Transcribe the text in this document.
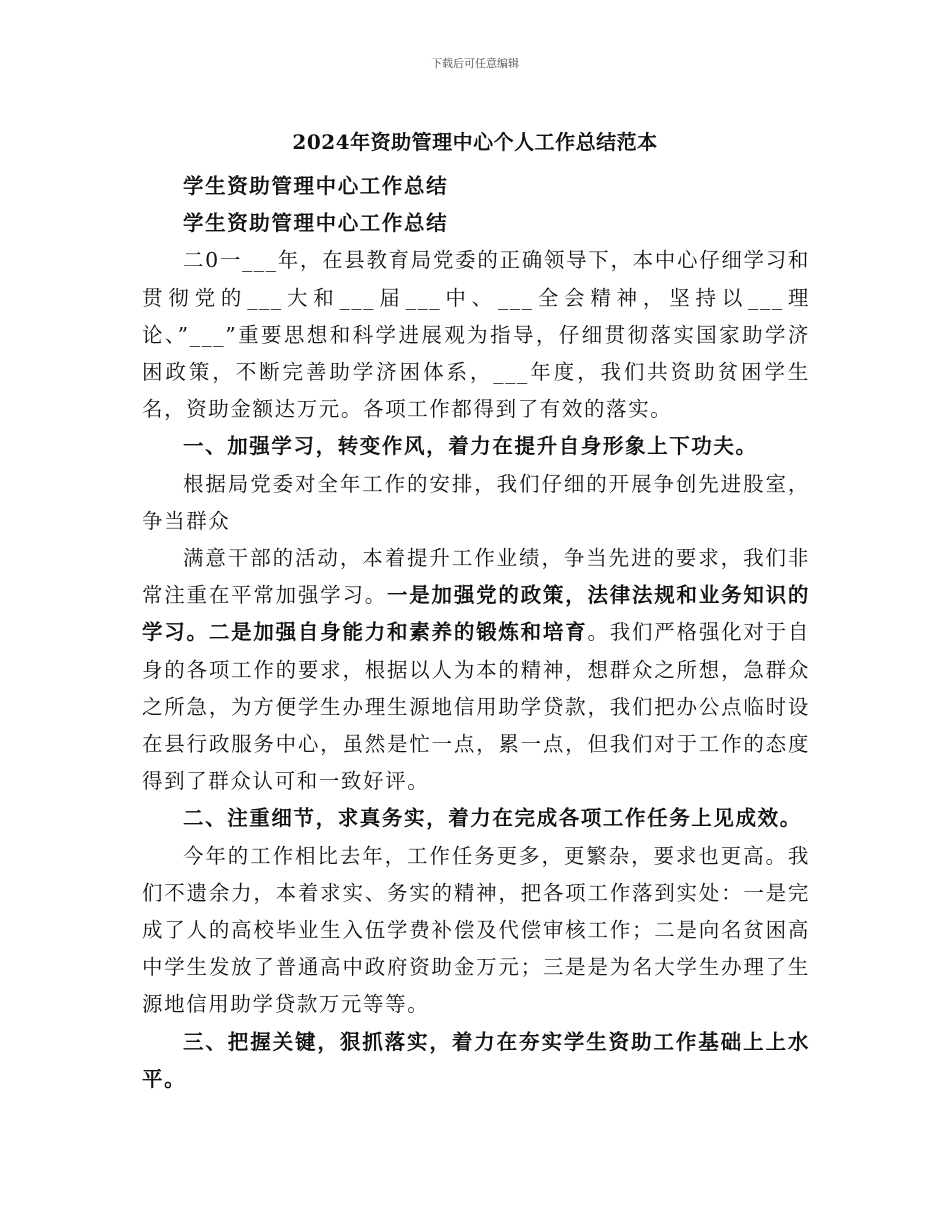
下载后可任意编辑
2024年资助管理中心个人工作总结范本

学生资助管理中心工作总结

学生资助管理中心工作总结

二0一___年，在县教育局党委的正确领导下，本中心仔细学习和贯彻党的___大和___届___中、___全会精神，坚持以___理论、”___”重要思想和科学进展观为指导，仔细贯彻落实国家助学济困政策，不断完善助学济困体系，___年度，我们共资助贫困学生名，资助金额达万元。各项工作都得到了有效的落实。

一、加强学习，转变作风，着力在提升自身形象上下功夫。

根据局党委对全年工作的安排，我们仔细的开展争创先进股室，争当群众

满意干部的活动，本着提升工作业绩，争当先进的要求，我们非常注重在平常加强学习。一是加强党的政策，法律法规和业务知识的学习。二是加强自身能力和素养的锻炼和培育。我们严格强化对于自身的各项工作的要求，根据以人为本的精神，想群众之所想，急群众之所急，为方便学生办理生源地信用助学贷款，我们把办公点临时设在县行政服务中心，虽然是忙一点，累一点，但我们对于工作的态度得到了群众认可和一致好评。

二、注重细节，求真务实，着力在完成各项工作任务上见成效。

今年的工作相比去年，工作任务更多，更繁杂，要求也更高。我们不遗余力，本着求实、务实的精神，把各项工作落到实处：一是完成了人的高校毕业生入伍学费补偿及代偿审核工作；二是向名贫困高中学生发放了普通高中政府资助金万元；三是是为名大学生办理了生源地信用助学贷款万元等等。

三、把握关键，狠抓落实，着力在夯实学生资助工作基础上上水平。
